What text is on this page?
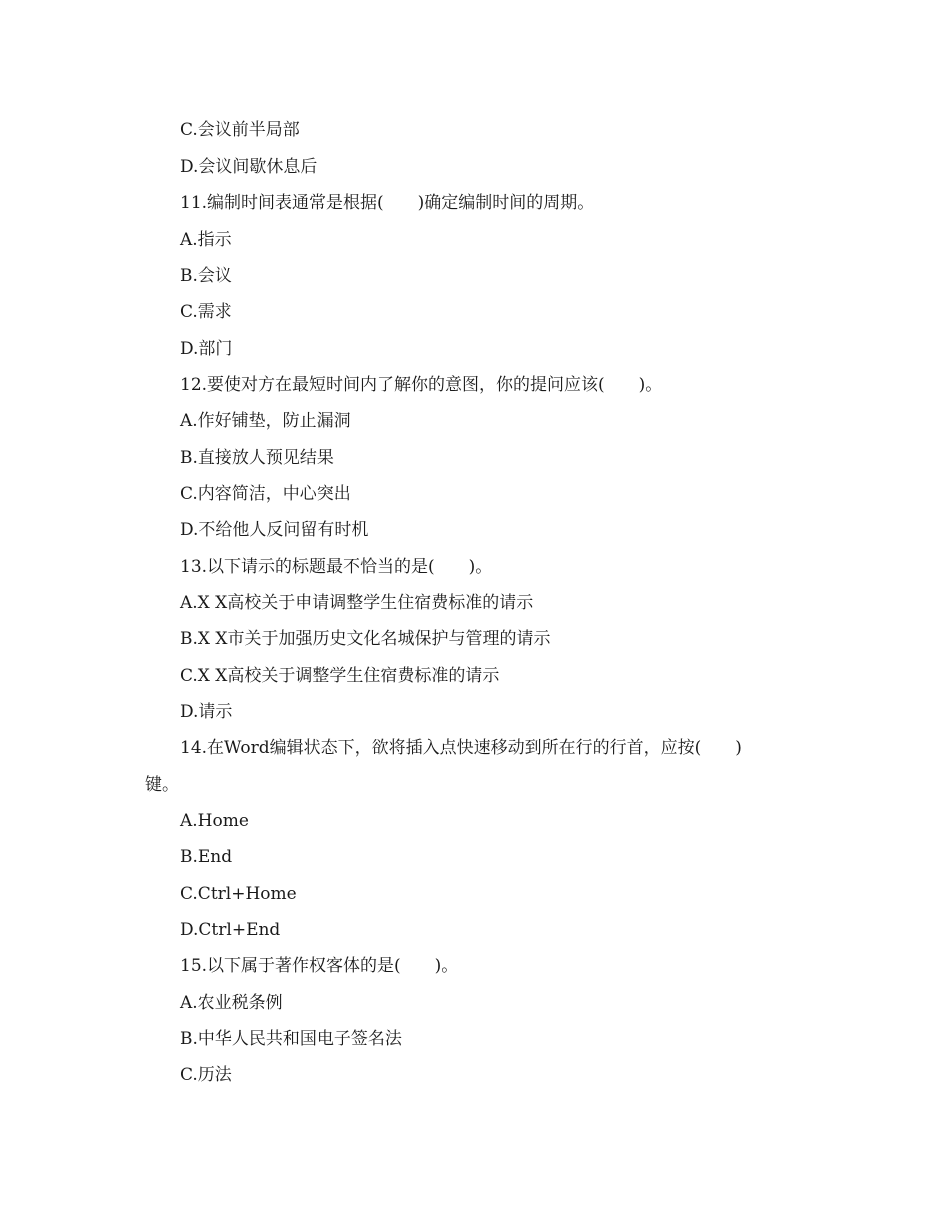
C.会议前半局部
D.会议间歇休息后
11.编制时间表通常是根据(　　)确定编制时间的周期。
A.指示
B.会议
C.需求
D.部门
12.要使对方在最短时间内了解你的意图，你的提问应该(　　)。
A.作好铺垫，防止漏洞
B.直接放人预见结果
C.内容简洁，中心突出
D.不给他人反问留有时机
13.以下请示的标题最不恰当的是(　　)。
A.X X高校关于申请调整学生住宿费标准的请示
B.X X市关于加强历史文化名城保护与管理的请示
C.X X高校关于调整学生住宿费标准的请示
D.请示
14.在Word编辑状态下，欲将插入点快速移动到所在行的行首，应按(　　)
键。
A.Home
B.End
C.Ctrl+Home
D.Ctrl+End
15.以下属于著作权客体的是(　　)。
A.农业税条例
B.中华人民共和国电子签名法
C.历法
